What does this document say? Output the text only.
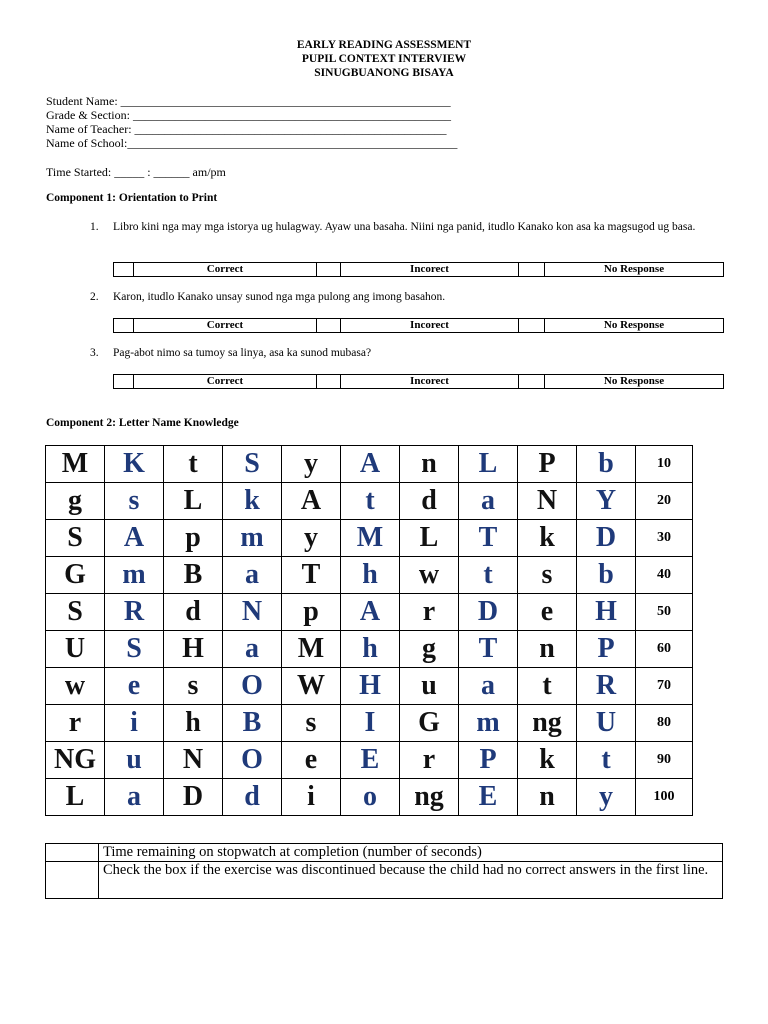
EARLY READING ASSESSMENT
PUPIL CONTEXT INTERVIEW
SINUGBUANONG BISAYA
Student Name: _______________________________________________________
Grade & Section: _____________________________________________________
Name of Teacher: ____________________________________________________
Name of School:_______________________________________________________
Time Started: _____ : ______ am/pm
Component 1: Orientation to Print
1. Libro kini nga may mga istorya ug hulagway. Ayaw una basaha. Niini nga panid, itudlo Kanako kon asa ka magsugod ug basa.
	Correct		Incorect		No Response
2. Karon, itudlo Kanako unsay sunod nga mga pulong ang imong basahon.
	Correct		Incorect		No Response
3. Pag-abot nimo sa tumoy sa linya, asa ka sunod mubasa?
	Correct		Incorect		No Response
Component 2: Letter Name Knowledge
M	K	t	S	y	A	n	L	P	b	10
g	s	L	k	A	t	d	a	N	Y	20
S	A	p	m	y	M	L	T	k	D	30
G	m	B	a	T	h	w	t	s	b	40
S	R	d	N	p	A	r	D	e	H	50
U	S	H	a	M	h	g	T	n	P	60
w	e	s	O	W	H	u	a	t	R	70
r	i	h	B	s	I	G	m	ng	U	80
NG	u	N	O	e	E	r	P	k	t	90
L	a	D	d	i	o	ng	E	n	y	100
	Time remaining on stopwatch at completion (number of seconds)
	Check the box if the exercise was discontinued because the child had no correct answers in the first line.
